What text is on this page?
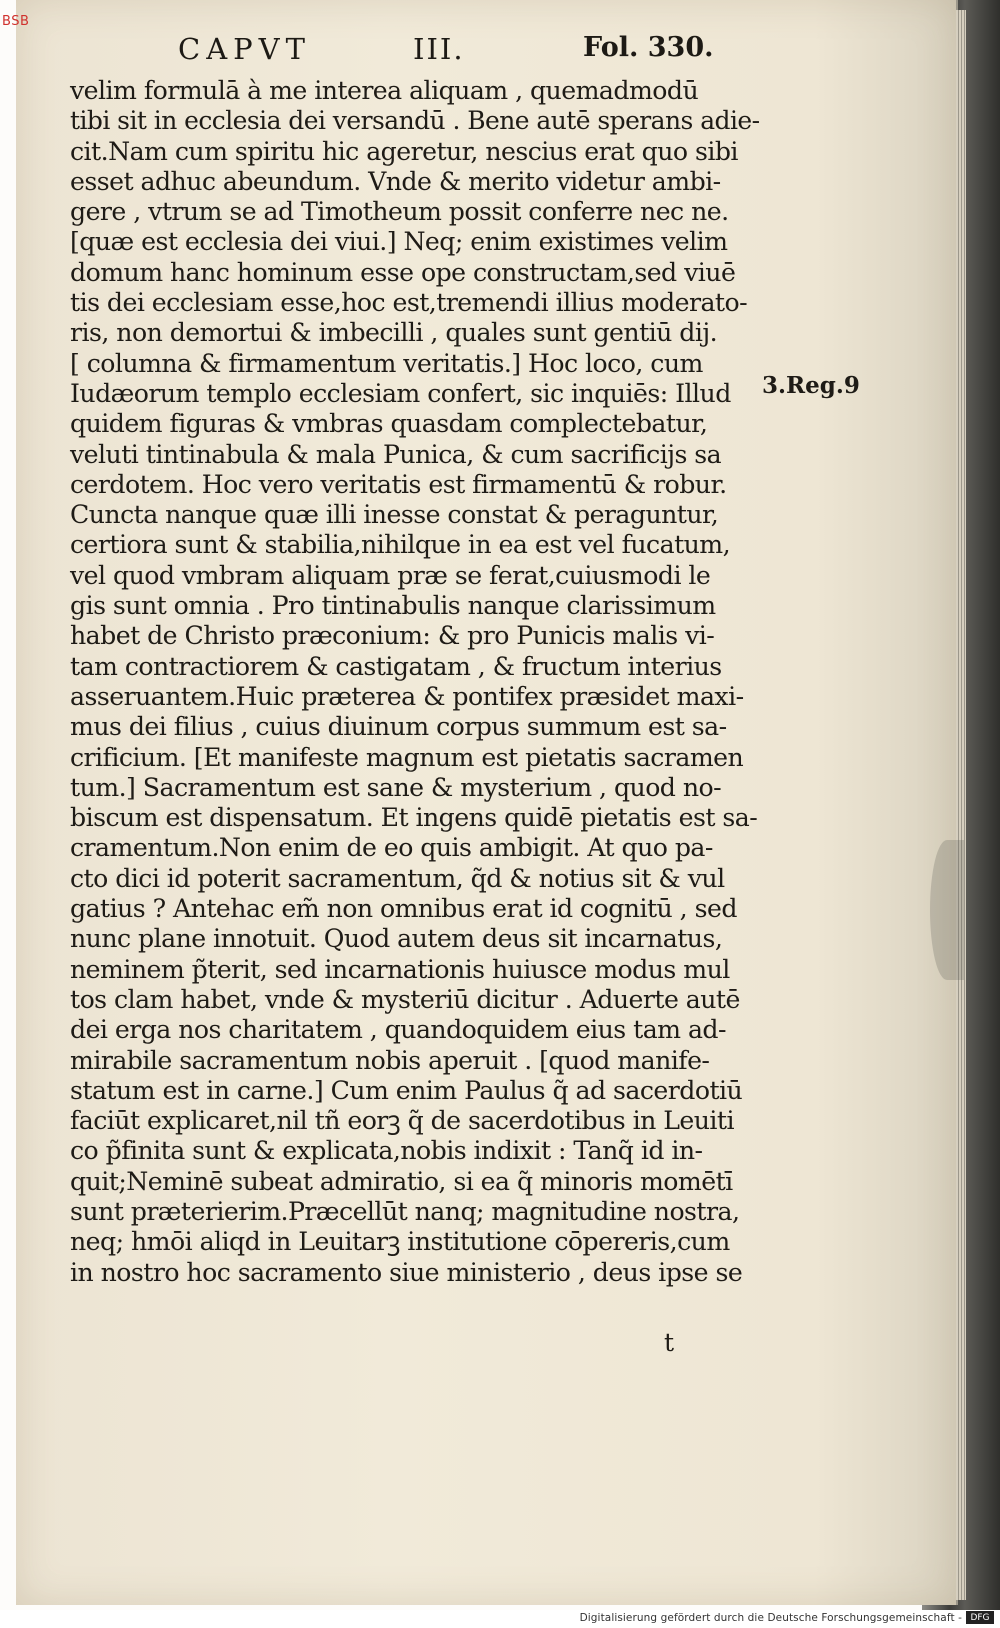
BSB
CAPVT	III.	Fol. 330.
velim formulā à me interea aliquam , quemadmodū
tibi sit in ecclesia dei versandū . Bene autē sperans adie-
cit.Nam cum spiritu hic ageretur, nescius erat quo sibi
esset adhuc abeundum. Vnde & merito videtur ambi-
gere , vtrum se ad Timotheum possit conferre nec ne.
[quæ est ecclesia dei viui.] Neq; enim existimes velim
domum hanc hominum esse ope constructam,sed viuē
tis dei ecclesiam esse,hoc est,tremendi illius moderato-
ris, non demortui & imbecilli , quales sunt gentiū dij.
[ columna & firmamentum veritatis.] Hoc loco, cum
Iudæorum templo ecclesiam confert, sic inquiēs: Illud
quidem figuras & vmbras quasdam complectebatur,
veluti tintinabula & mala Punica, & cum sacrificijs sa
cerdotem. Hoc vero veritatis est firmamentū & robur.
Cuncta nanque quæ illi inesse constat & peraguntur,
certiora sunt & stabilia,nihilque in ea est vel fucatum,
vel quod vmbram aliquam præ se ferat,cuiusmodi le
gis sunt omnia . Pro tintinabulis nanque clarissimum
habet de Christo præconium: & pro Punicis malis vi-
tam contractiorem & castigatam , & fructum interius
asseruantem.Huic præterea & pontifex præsidet maxi-
mus dei filius , cuius diuinum corpus summum est sa-
crificium. [Et manifeste magnum est pietatis sacramen
tum.] Sacramentum est sane & mysterium , quod no-
biscum est dispensatum. Et ingens quidē pietatis est sa-
cramentum.Non enim de eo quis ambigit. At quo pa-
cto dici id poterit sacramentum, q̃d & notius sit & vul
gatius ? Antehac em̃ non omnibus erat id cognitū , sed
nunc plane innotuit. Quod autem deus sit incarnatus,
neminem p̃terit, sed incarnationis huiusce modus mul
tos clam habet, vnde & mysteriū dicitur . Aduerte autē
dei erga nos charitatem , quandoquidem eius tam ad-
mirabile sacramentum nobis aperuit . [quod manife-
statum est in carne.] Cum enim Paulus q̃ ad sacerdotiū
faciūt explicaret,nil tñ eorꝫ q̃ de sacerdotibus in Leuiti
co p̃finita sunt & explicata,nobis indixit : Tanq̃ id in-
quit;Neminē subeat admiratio, si ea q̃ minoris momētī
sunt præterierim.Præcellūt nanq; magnitudine nostra,
neq; hmōi aliqd in Leuitarꝫ institutione cōpereris,cum
in nostro hoc sacramento siue ministerio , deus ipse se
3.Reg.9
t
Digitalisierung gefördert durch die Deutsche Forschungsgemeinschaft - DFG
